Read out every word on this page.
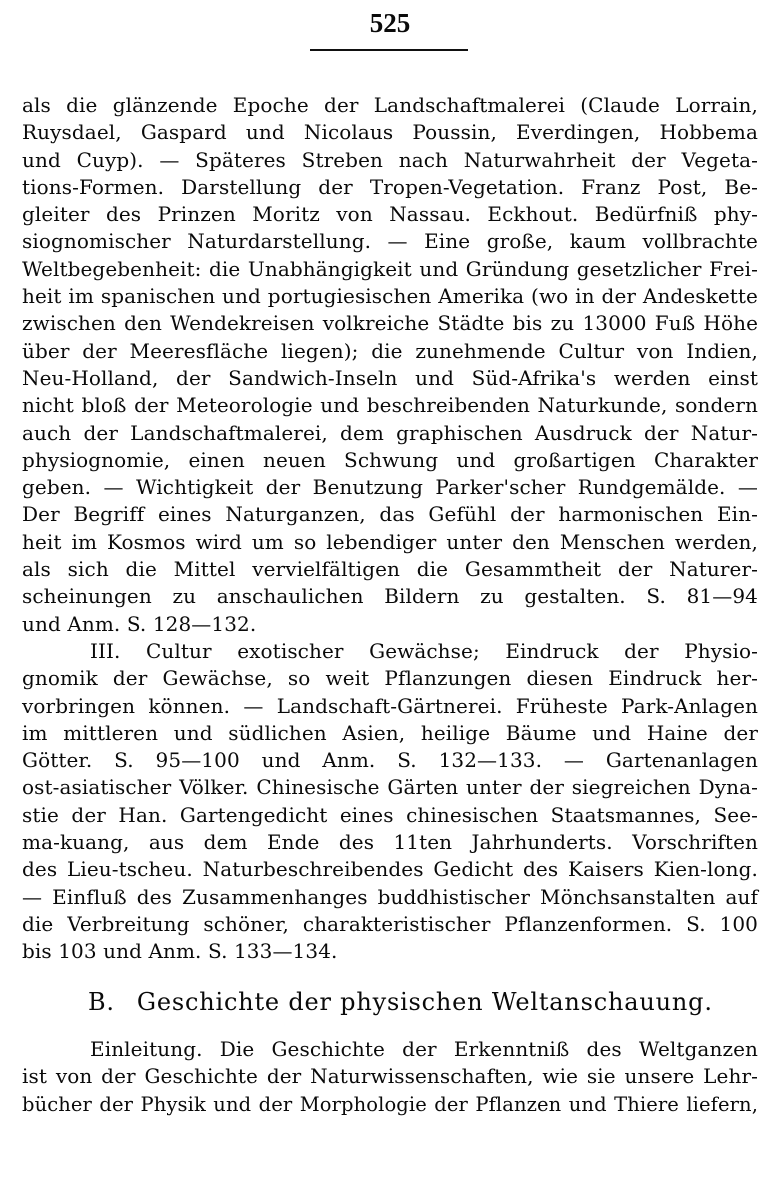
525
als die glänzende Epoche der Landschaftmalerei (Claude Lorrain,
Ruysdael, Gaspard und Nicolaus Poussin, Everdingen, Hobbema
und Cuyp). — Späteres Streben nach Naturwahrheit der Vegeta-
tions-Formen. Darstellung der Tropen-Vegetation. Franz Post, Be-
gleiter des Prinzen Moritz von Nassau. Eckhout. Bedürfniß phy-
siognomischer Naturdarstellung. — Eine große, kaum vollbrachte
Weltbegebenheit: die Unabhängigkeit und Gründung gesetzlicher Frei-
heit im spanischen und portugiesischen Amerika (wo in der Andeskette
zwischen den Wendekreisen volkreiche Städte bis zu 13000 Fuß Höhe
über der Meeresfläche liegen); die zunehmende Cultur von Indien,
Neu-Holland, der Sandwich-Inseln und Süd-Afrika's werden einst
nicht bloß der Meteorologie und beschreibenden Naturkunde, sondern
auch der Landschaftmalerei, dem graphischen Ausdruck der Natur-
physiognomie, einen neuen Schwung und großartigen Charakter
geben. — Wichtigkeit der Benutzung Parker'scher Rundgemälde. —
Der Begriff eines Naturganzen, das Gefühl der harmonischen Ein-
heit im Kosmos wird um so lebendiger unter den Menschen werden,
als sich die Mittel vervielfältigen die Gesammtheit der Naturer-
scheinungen zu anschaulichen Bildern zu gestalten. S. 81—94
und Anm. S. 128—132.
III. Cultur exotischer Gewächse; Eindruck der Physio-
gnomik der Gewächse, so weit Pflanzungen diesen Eindruck her-
vorbringen können. — Landschaft-Gärtnerei. Früheste Park-Anlagen
im mittleren und südlichen Asien, heilige Bäume und Haine der
Götter. S. 95—100 und Anm. S. 132—133. — Gartenanlagen
ost-asiatischer Völker. Chinesische Gärten unter der siegreichen Dyna-
stie der Han. Gartengedicht eines chinesischen Staatsmannes, See-
ma-kuang, aus dem Ende des 11ten Jahrhunderts. Vorschriften
des Lieu-tscheu. Naturbeschreibendes Gedicht des Kaisers Kien-long.
— Einfluß des Zusammenhanges buddhistischer Mönchsanstalten auf
die Verbreitung schöner, charakteristischer Pflanzenformen. S. 100
bis 103 und Anm. S. 133—134.
B. Geschichte der physischen Weltanschauung.
Einleitung. Die Geschichte der Erkenntniß des Weltganzen
ist von der Geschichte der Naturwissenschaften, wie sie unsere Lehr-
bücher der Physik und der Morphologie der Pflanzen und Thiere liefern,
